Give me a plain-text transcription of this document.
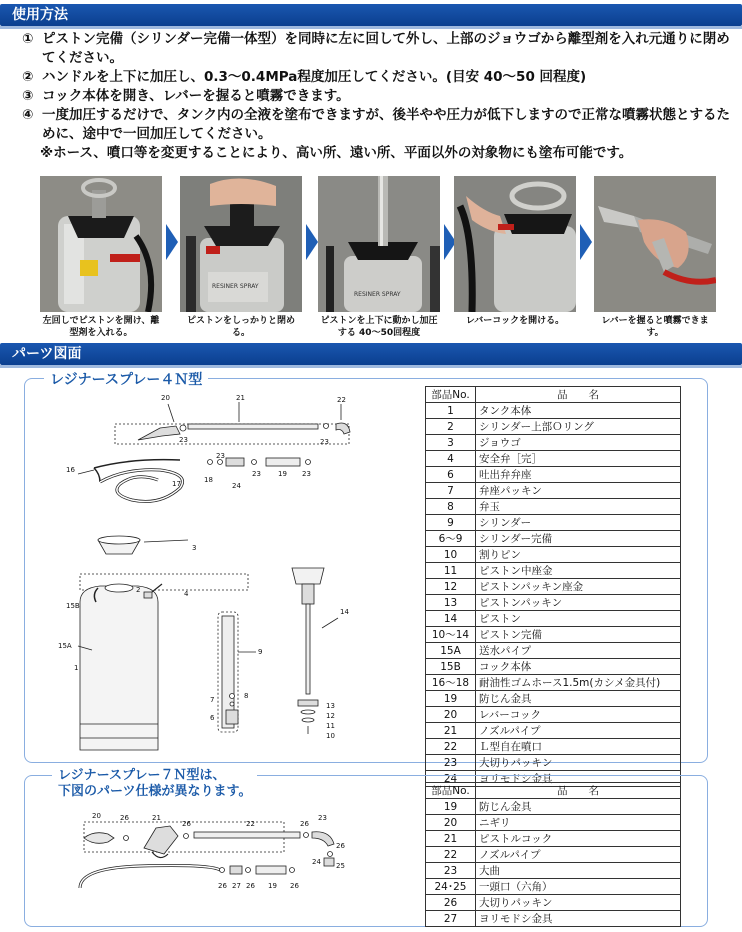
使用方法
① ピストン完備（シリンダー完備一体型）を同時に左に回して外し、上部のジョウゴから離型剤を入れ元通りに閉めてください。
② ハンドルを上下に加圧し、0.3〜0.4MPa程度加圧してください。(目安 40〜50 回程度)
③ コック本体を開き、レバーを握ると噴霧できます。
④ 一度加圧するだけで、タンク内の全液を塗布できますが、後半やや圧力が低下しますので正常な噴霧状態とするために、途中で一回加圧してください。
※ホース、噴口等を変更することにより、高い所、遠い所、平面以外の対象物にも塗布可能です。
左回しでピストンを開け、離型剤を入れる。
RESINER SPRAY
ピストンをしっかりと閉める。
RESINER SPRAY
ピストンを上下に動かし加圧する 40〜50回程度
レバーコックを開ける。	レバーを握ると噴霧できます。
パーツ図面
レジナースプレー４Ｎ型
20	21	22
23	23
16
17	18
23
24
23 19 23
3
2	4
15B
15A
1
9
7	8
6
14
13
12
11
10
部品No.	品　　名
1	タンク本体
2	シリンダー上部Ｏリング
3	ジョウゴ
4	安全弁［完］
6	吐出弁弁座
7	弁座パッキン
8	弁玉
9	シリンダー
6〜9	シリンダー完備
10	割りピン
11	ピストン中座金
12	ピストンパッキン座金
13	ピストンパッキン
14	ピストン
10〜14	ピストン完備
15A	送水パイプ
15B	コック本体
16〜18	耐油性ゴムホース1.5m(カシメ金具付)
19	防じん金具
20	レバーコック
21	ノズルパイプ
22	Ｌ型自在噴口
23	大切りパッキン
24	ヨリモドシ金具
レジナースプレー７Ｎ型は、
下図のパーツ仕様が異なります。
20	26	21
26	22	26
23
26
24 25
26 27 26 19 26
部品No.	品　　名
19	防じん金具
20	ニギリ
21	ピストルコック
22	ノズルパイプ
23	大曲
24･25	一頭口（六角）
26	大切りパッキン
27	ヨリモドシ金具
